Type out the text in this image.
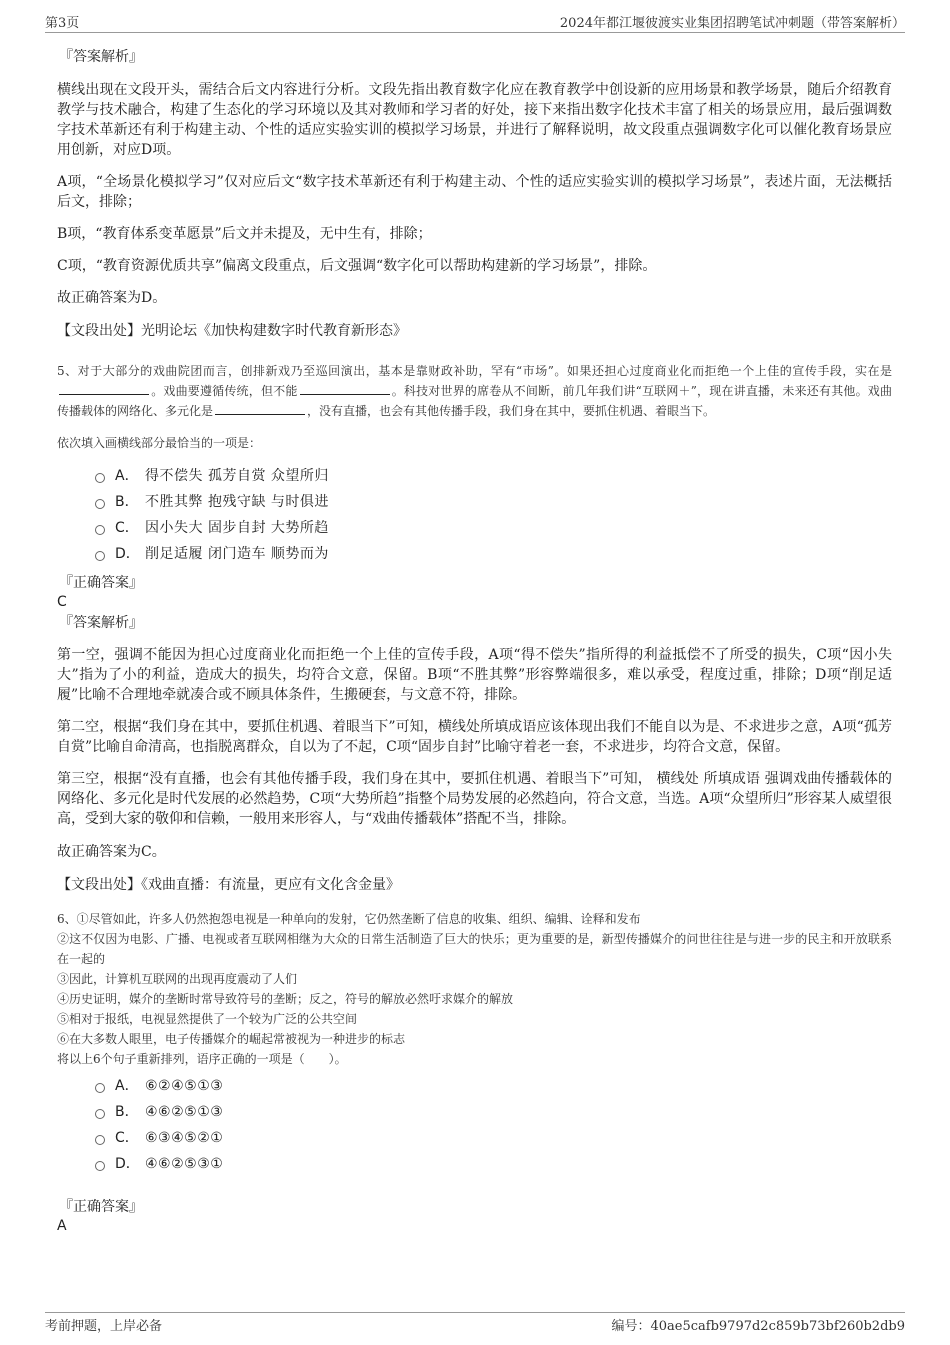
第3页	2024年都江堰彼渡实业集团招聘笔试冲刺题（带答案解析）

『答案解析』

横线出现在文段开头，需结合后文内容进行分析。文段先指出教育数字化应在教育教学中创设新的应用场景和教学场景，随后介绍教育教学与技术融合，构建了生态化的学习环境以及其对教师和学习者的好处，接下来指出数字化技术丰富了相关的场景应用，最后强调数字技术革新还有利于构建主动、个性的适应实验实训的模拟学习场景，并进行了解释说明，故文段重点强调数字化可以催化教育场景应用创新，对应D项。

A项，“全场景化模拟学习”仅对应后文“数字技术革新还有利于构建主动、个性的适应实验实训的模拟学习场景”，表述片面，无法概括后文，排除；

B项，“教育体系变革愿景”后文并未提及，无中生有，排除；

C项，“教育资源优质共享”偏离文段重点，后文强调“数字化可以帮助构建新的学习场景”，排除。

故正确答案为D。

【文段出处】光明论坛《加快构建数字时代教育新形态》

5、对于大部分的戏曲院团而言，创排新戏乃至巡回演出，基本是靠财政补助，罕有“市场”。如果还担心过度商业化而拒绝一个上佳的宣传手段，实在是。戏曲要遵循传统，但不能	。科技对世界的席卷从不间断，前几年我们讲“互联网＋”，现在讲直播，未来还有其他。戏曲传播载体的网络化、多元化是	，没有直播，也会有其他传播手段，我们身在其中，要抓住机遇、着眼当下。

依次填入画横线部分最恰当的一项是：

A． 得不偿失 孤芳自赏 众望所归
B． 不胜其弊 抱残守缺 与时俱进
C． 因小失大 固步自封 大势所趋
D． 削足适履 闭门造车 顺势而为

『正确答案』

C

『答案解析』

第一空，强调不能因为担心过度商业化而拒绝一个上佳的宣传手段，A项“得不偿失”指所得的利益抵偿不了所受的损失，C项“因小失大”指为了小的利益，造成大的损失，均符合文意，保留。B项“不胜其弊”形容弊端很多，难以承受，程度过重，排除；D项“削足适履”比喻不合理地牵就凑合或不顾具体条件，生搬硬套，与文意不符，排除。

第二空，根据“我们身在其中，要抓住机遇、着眼当下”可知，横线处所填成语应该体现出我们不能自以为是、不求进步之意，A项“孤芳自赏”比喻自命清高，也指脱离群众，自以为了不起，C项“固步自封”比喻守着老一套，不求进步，均符合文意，保留。

第三空，根据“没有直播，也会有其他传播手段，我们身在其中，要抓住机遇、着眼当下”可知， 横线处 所填成语 强调戏曲传播载体的网络化、多元化是时代发展的必然趋势，C项“大势所趋”指整个局势发展的必然趋向，符合文意，当选。A项“众望所归”形容某人威望很高，受到大家的敬仰和信赖，一般用来形容人，与“戏曲传播载体”搭配不当，排除。

故正确答案为C。

【文段出处】《戏曲直播：有流量，更应有文化含金量》

6、①尽管如此，许多人仍然抱怨电视是一种单向的发射，它仍然垄断了信息的收集、组织、编辑、诠释和发布

②这不仅因为电影、广播、电视或者互联网相继为大众的日常生活制造了巨大的快乐；更为重要的是，新型传播媒介的问世往往是与进一步的民主和开放联系在一起的

③因此，计算机互联网的出现再度震动了人们

④历史证明，媒介的垄断时常导致符号的垄断；反之，符号的解放必然吁求媒介的解放

⑤相对于报纸，电视显然提供了一个较为广泛的公共空间

⑥在大多数人眼里，电子传播媒介的崛起常被视为一种进步的标志

将以上6个句子重新排列，语序正确的一项是（　　）。

A． ⑥②④⑤①③
B． ④⑥②⑤①③
C． ⑥③④⑤②①
D． ④⑥②⑤③①

『正确答案』

A

考前押题，上岸必备	编号：40ae5cafb9797d2c859b73bf260b2db9
